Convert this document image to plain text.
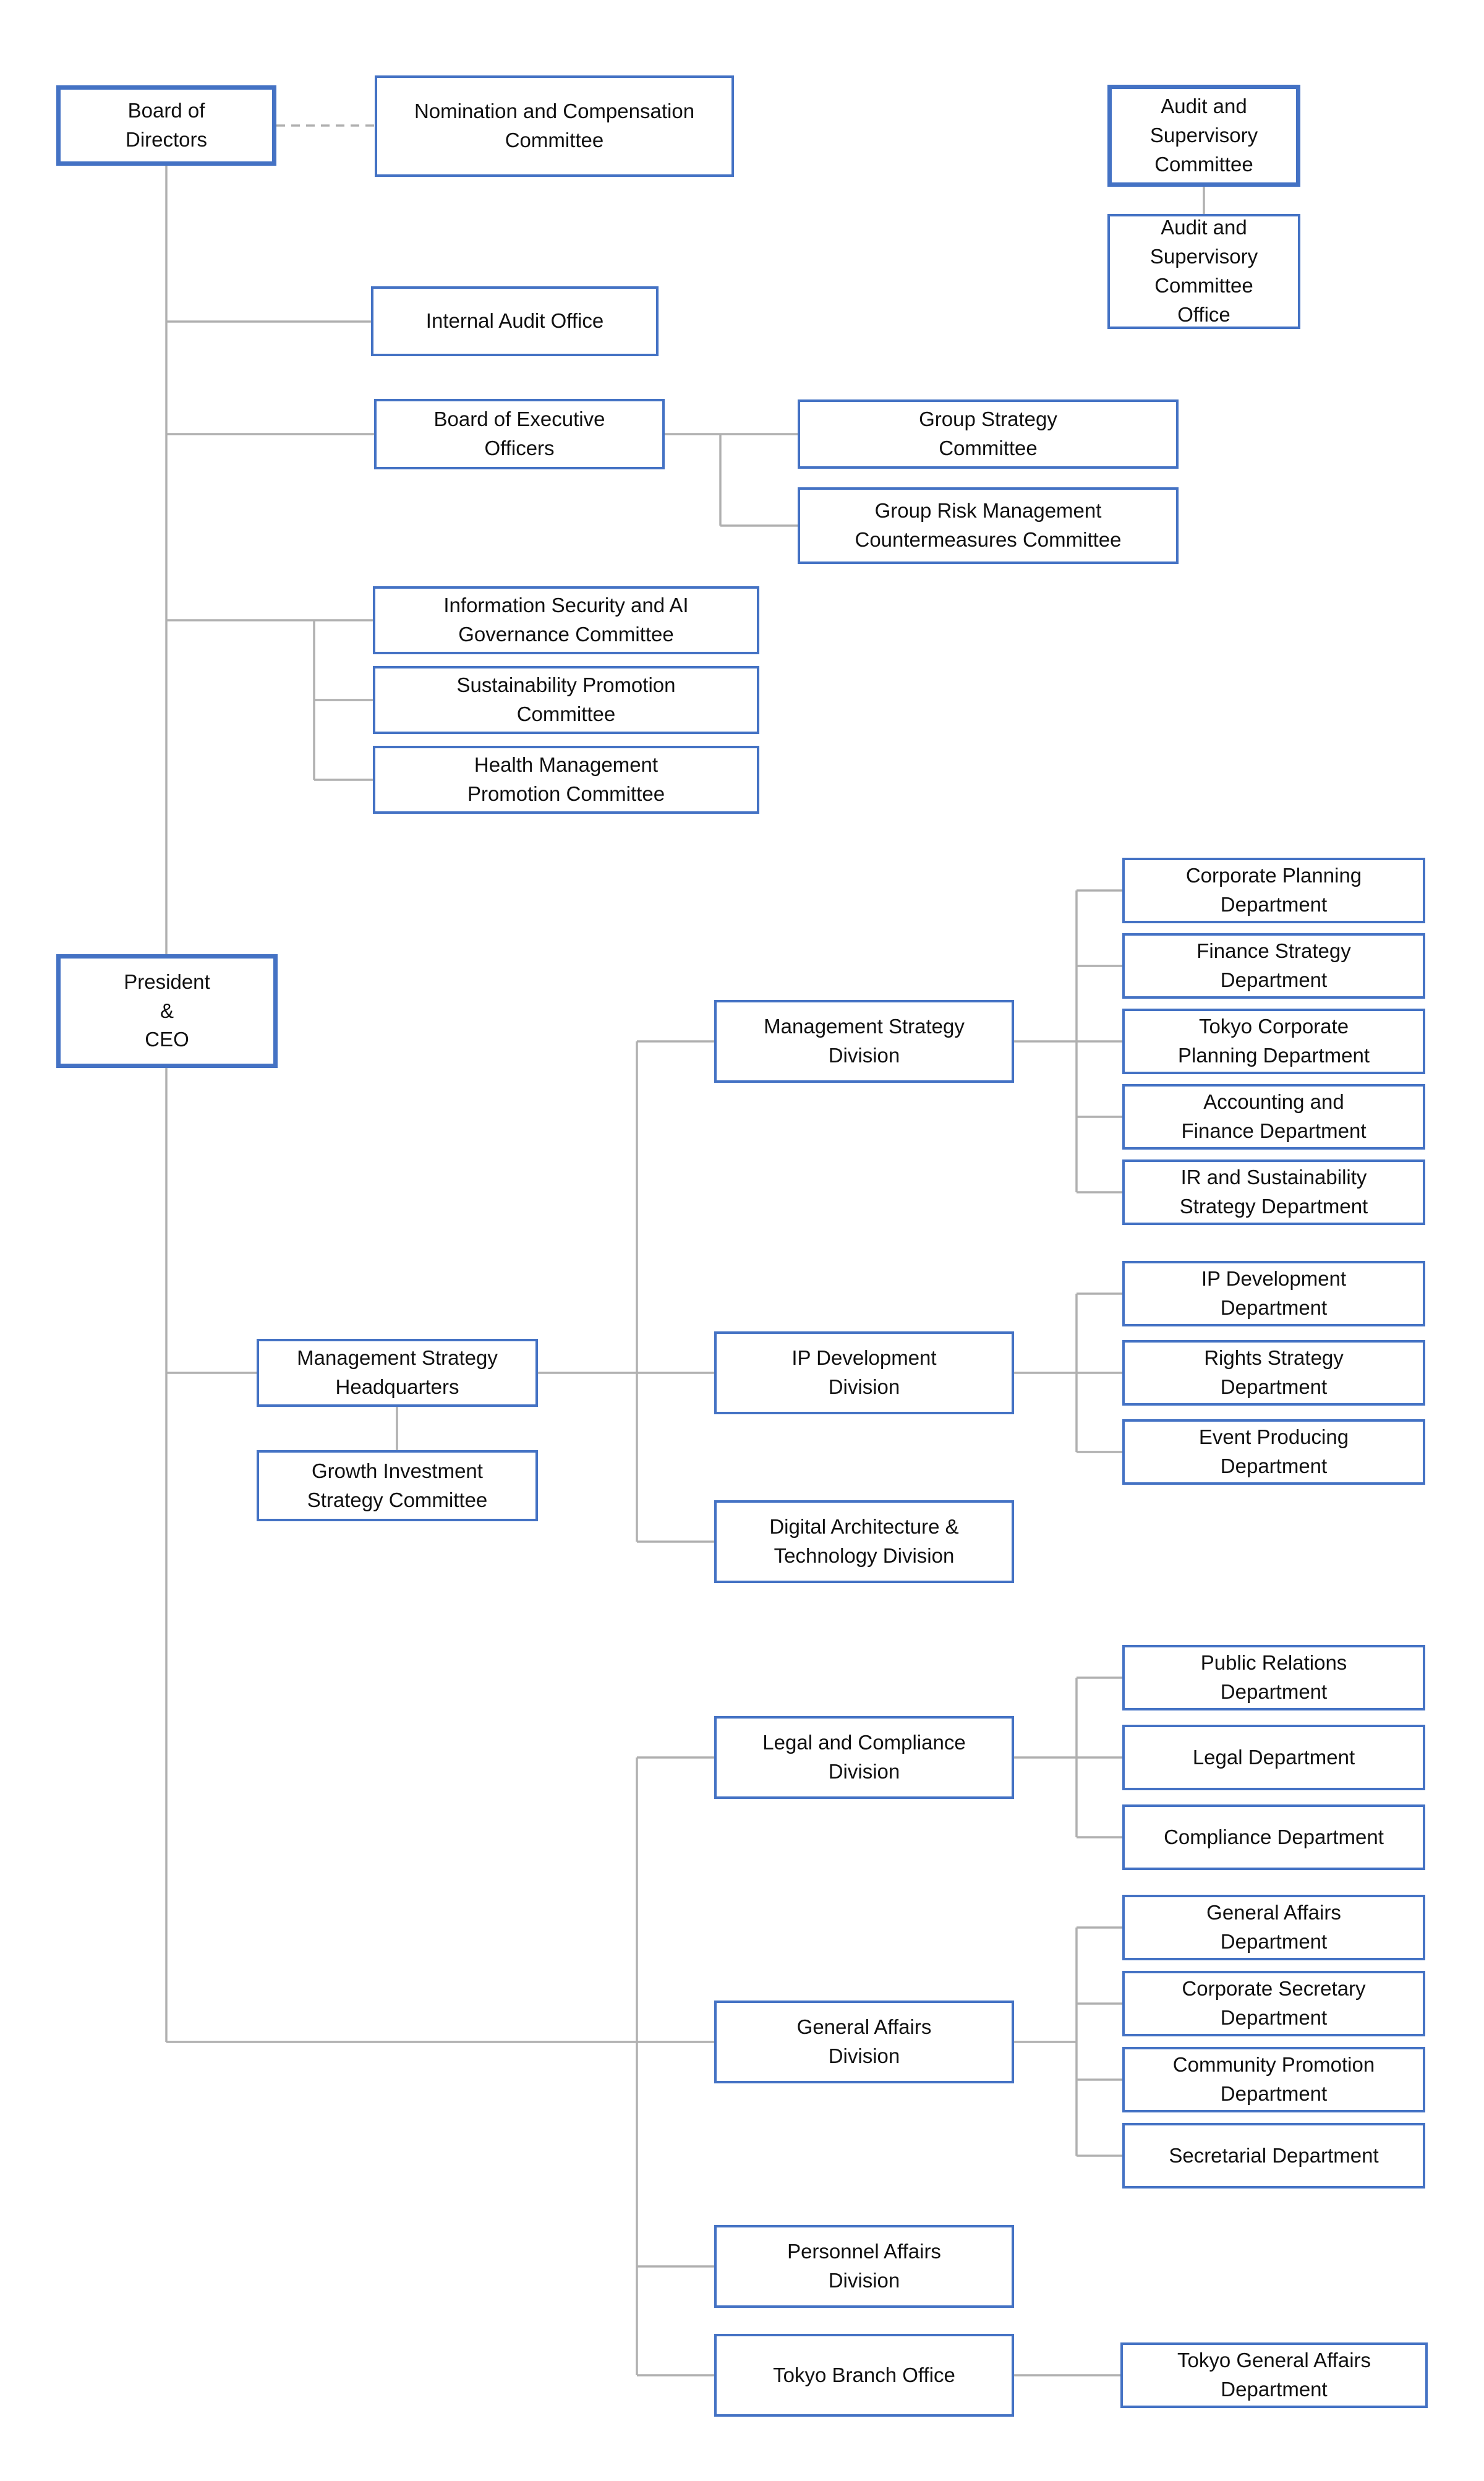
Board of
Directors
Nomination and Compensation
Committee
Audit and
Supervisory
Committee
Audit and
Supervisory
Committee
Office
Internal Audit Office
Board of Executive
Officers
Group Strategy
Committee
Group Risk Management
Countermeasures Committee
Information Security and AI
Governance Committee
Sustainability Promotion
Committee
Health Management
Promotion Committee
President
&
CEO
Management Strategy
Headquarters
Growth Investment
Strategy Committee
Management Strategy
Division
Corporate Planning
Department
Finance Strategy
Department
Tokyo Corporate
Planning Department
Accounting and
Finance Department
IR and Sustainability
Strategy Department
IP Development
Division
IP Development
Department
Rights Strategy
Department
Event Producing
Department
Digital Architecture &
Technology Division
Legal and Compliance
Division
Public Relations
Department
Legal Department
Compliance Department
General Affairs
Division
General Affairs
Department
Corporate Secretary
Department
Community Promotion
Department
Secretarial Department
Personnel Affairs
Division
Tokyo Branch Office
Tokyo General Affairs
Department
